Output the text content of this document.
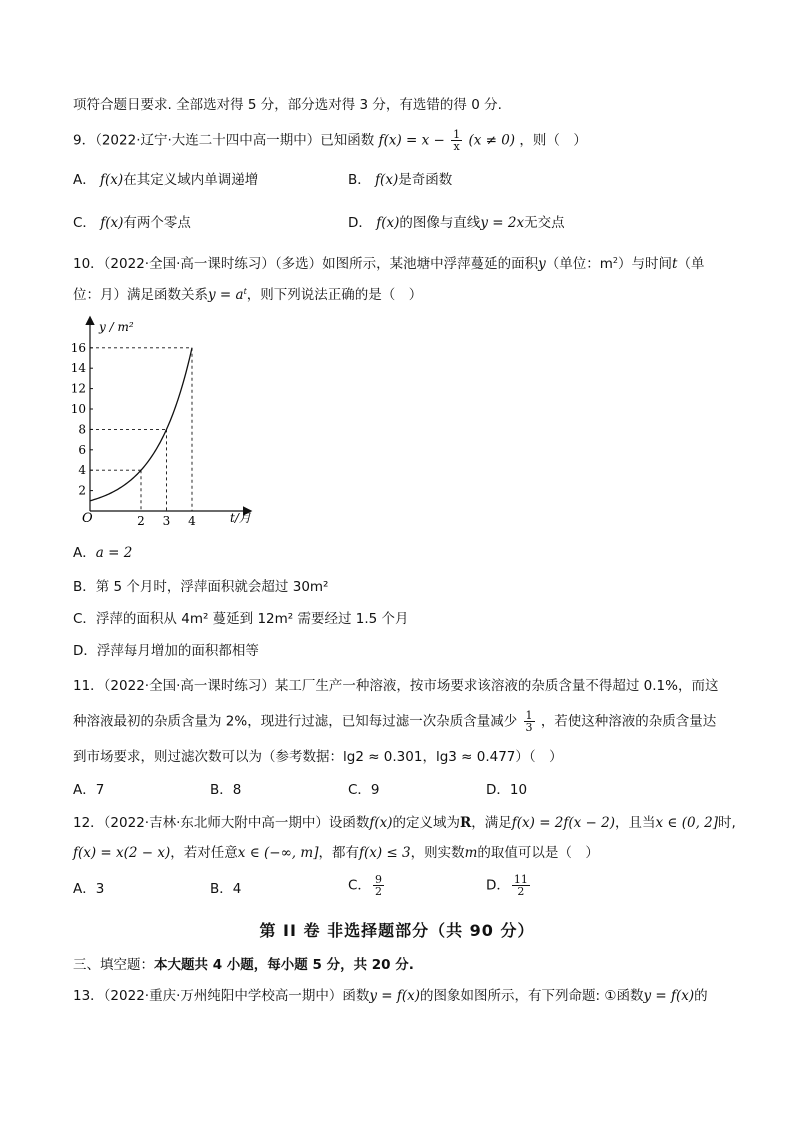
项符合题日要求. 全部选对得 5 分，部分选对得 3 分，有选错的得 0 分.
9．（2022·辽宁·大连二十四中高一期中）已知函数 $f(x) = x - \frac{1}{x} (x \ne 0)$ ，则（　）
A． f(x)在其定义域内单调递增	B． f(x)是奇函数
C． f(x)有两个零点	D． f(x)的图像与直线y = 2x无交点
10．（2022·全国·高一课时练习）（多选）如图所示，某池塘中浮萍蔓延的面积y（单位：$m^2$）与时间t（单
位：月）满足函数关系$y = a^t$，则下列说法正确的是（　）
2
4
6
8
10
12
14
16
2 3 4
O
y / m²
t/月
A．a = 2
B．第 5 个月时，浮萍面积就会超过 30m²
C．浮萍的面积从 4m² 蔓延到 12m² 需要经过 1.5 个月
D．浮萍每月增加的面积都相等
11．（2022·全国·高一课时练习）某工厂生产一种溶液，按市场要求该溶液的杂质含量不得超过 0.1%，而这
种溶液最初的杂质含量为 2%，现进行过滤，已知每过滤一次杂质含量减少 $\frac{1}{3}$ ，若使这种溶液的杂质含量达
到市场要求，则过滤次数可以为（参考数据：lg2 ≈ 0.301，lg3 ≈ 0.477）（　）
A．7	B．8	C．9	D．10
12．（2022·吉林·东北师大附中高一期中）设函数f(x)的定义域为R，满足f(x) = 2f(x − 2)，且当x ∈ (0, 2]时,
f(x) = x(2 − x)，若对任意x ∈ (−∞, m]，都有f(x) ≤ 3，则实数m的取值可以是（　）
A．3	B．4	C． $\frac{9}{2}$	D． $\frac{11}{2}$
第 II 卷 非选择题部分（共 90 分）
三、填空题：本大题共 4 小题，每小题 5 分，共 20 分.
13．（2022·重庆·万州纯阳中学校高一期中）函数y = f(x)的图象如图所示，有下列命题: ①函数y = f(x)的
